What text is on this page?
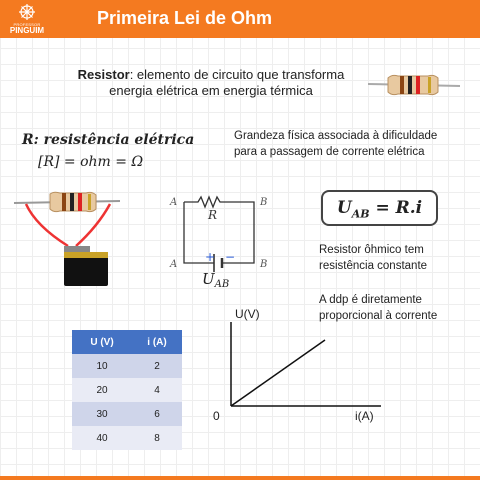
PROFESSOR
PINGUIM
Primeira Lei de Ohm
Resistor: elemento de circuito que transforma
energia elétrica em energia térmica
R: resistência elétrica
[R] = ohm = Ω
Grandeza física associada à dificuldade
para a passagem de corrente elétrica
A	B
R
A	B
+ −
$U_{AB}$
$U_{AB} = R.i$
Resistor ôhmico tem
resistência constante
A ddp é diretamente
proporcional à corrente
U (V)	i (A)
10	2
20	4
30	6
40	8
U(V)
i(A)
0
